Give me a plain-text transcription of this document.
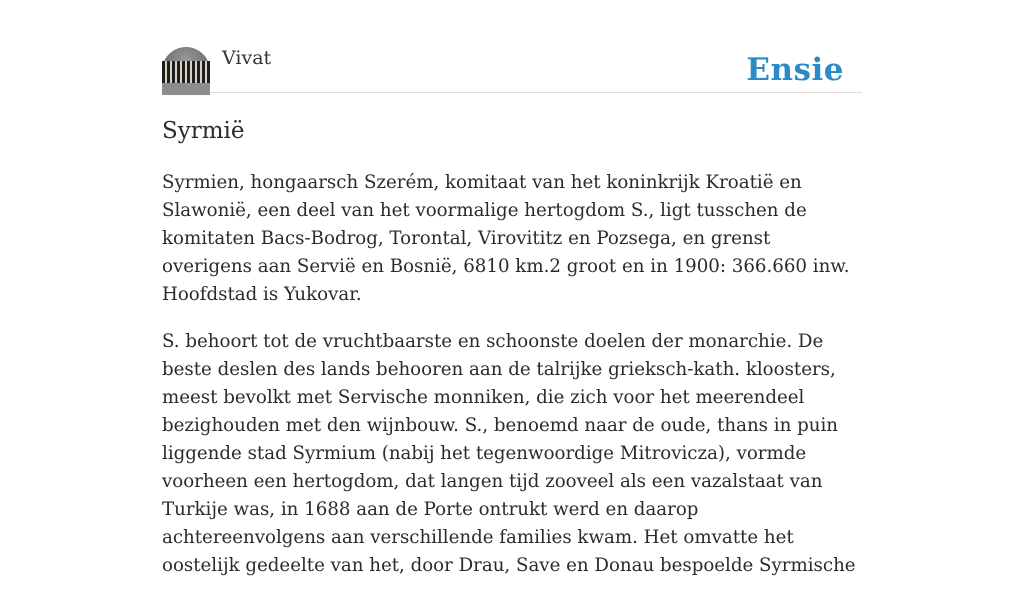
Vivat	Ensie
Syrmië

Syrmien, hongaarsch Szerém, komitaat van het koninkrijk Kroatië en Slawonië, een deel van het voormalige hertogdom S., ligt tusschen de komitaten Bacs-Bodrog, Torontal, Virovititz en Pozsega, en grenst overigens aan Servië en Bosnië, 6810 km.2 groot en in 1900: 366.660 inw. Hoofdstad is Yukovar.

S. behoort tot de vruchtbaarste en schoonste doelen der monarchie. De beste deslen des lands behooren aan de talrijke grieksch-kath. kloosters, meest bevolkt met Servische monniken, die zich voor het meerendeel bezighouden met den wijnbouw. S., benoemd naar de oude, thans in puin liggende stad Syrmium (nabij het tegenwoordige Mitrovicza), vormde voorheen een hertogdom, dat langen tijd zooveel als een vazalstaat van Turkije was, in 1688 aan de Porte ontrukt werd en daarop achtereenvolgens aan verschillende families kwam. Het omvatte het oostelijk gedeelte van het, door Drau, Save en Donau bespoelde Syrmische
